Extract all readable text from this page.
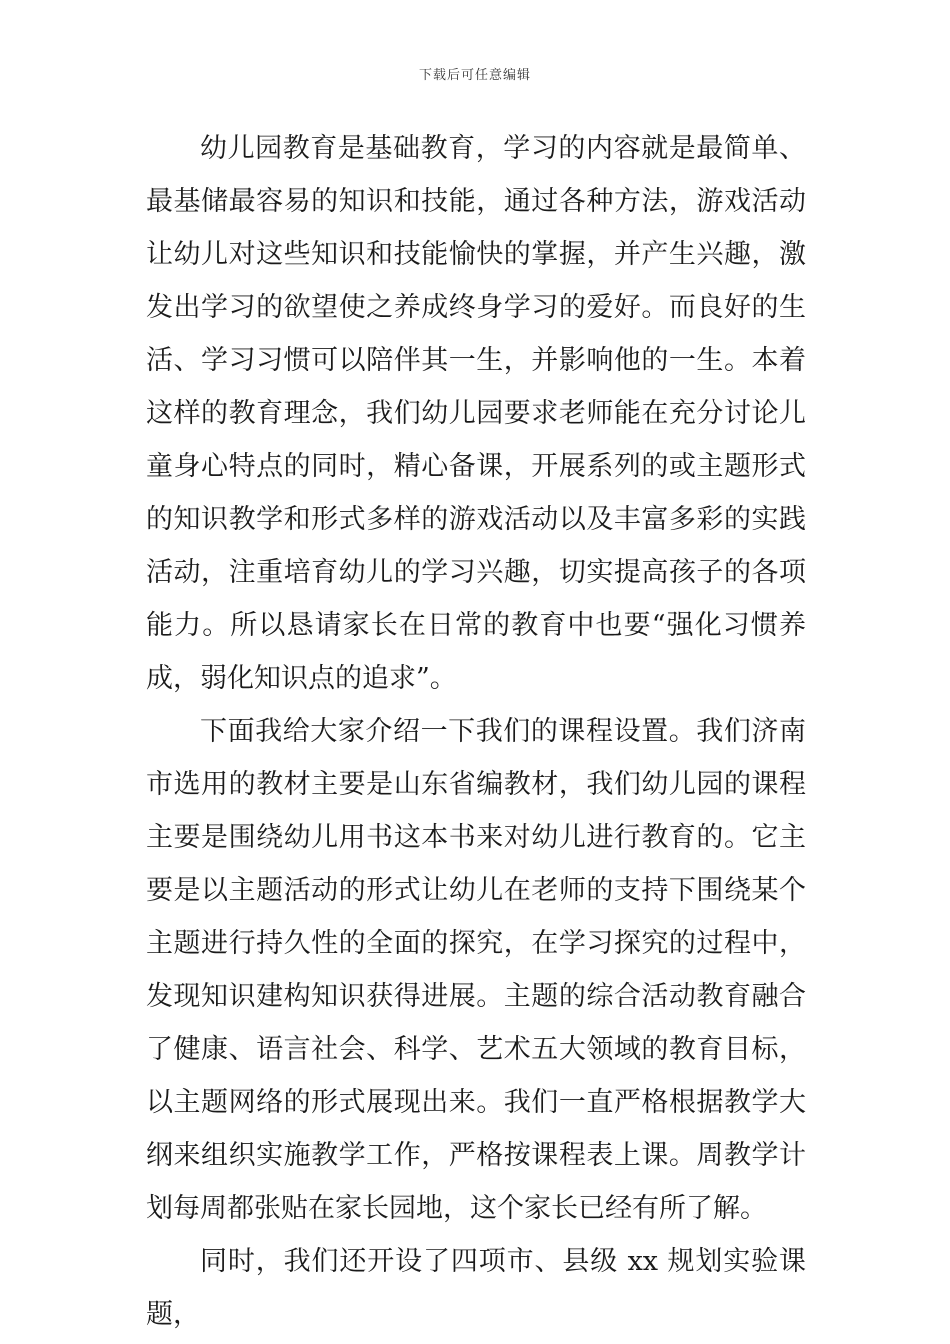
下载后可任意编辑

幼儿园教育是基础教育，学习的内容就是最简单、最基储最容易的知识和技能，通过各种方法，游戏活动让幼儿对这些知识和技能愉快的掌握，并产生兴趣，激发出学习的欲望使之养成终身学习的爱好。而良好的生活、学习习惯可以陪伴其一生，并影响他的一生。本着这样的教育理念，我们幼儿园要求老师能在充分讨论儿童身心特点的同时，精心备课，开展系列的或主题形式的知识教学和形式多样的游戏活动以及丰富多彩的实践活动，注重培育幼儿的学习兴趣，切实提高孩子的各项能力。所以恳请家长在日常的教育中也要“强化习惯养成，弱化知识点的追求”。

下面我给大家介绍一下我们的课程设置。我们济南市选用的教材主要是山东省编教材，我们幼儿园的课程主要是围绕幼儿用书这本书来对幼儿进行教育的。它主要是以主题活动的形式让幼儿在老师的支持下围绕某个主题进行持久性的全面的探究，在学习探究的过程中，发现知识建构知识获得进展。主题的综合活动教育融合了健康、语言社会、科学、艺术五大领域的教育目标，以主题网络的形式展现出来。我们一直严格根据教学大纲来组织实施教学工作，严格按课程表上课。周教学计划每周都张贴在家长园地，这个家长已经有所了解。

同时，我们还开设了四项市、县级 xx 规划实验课题，
